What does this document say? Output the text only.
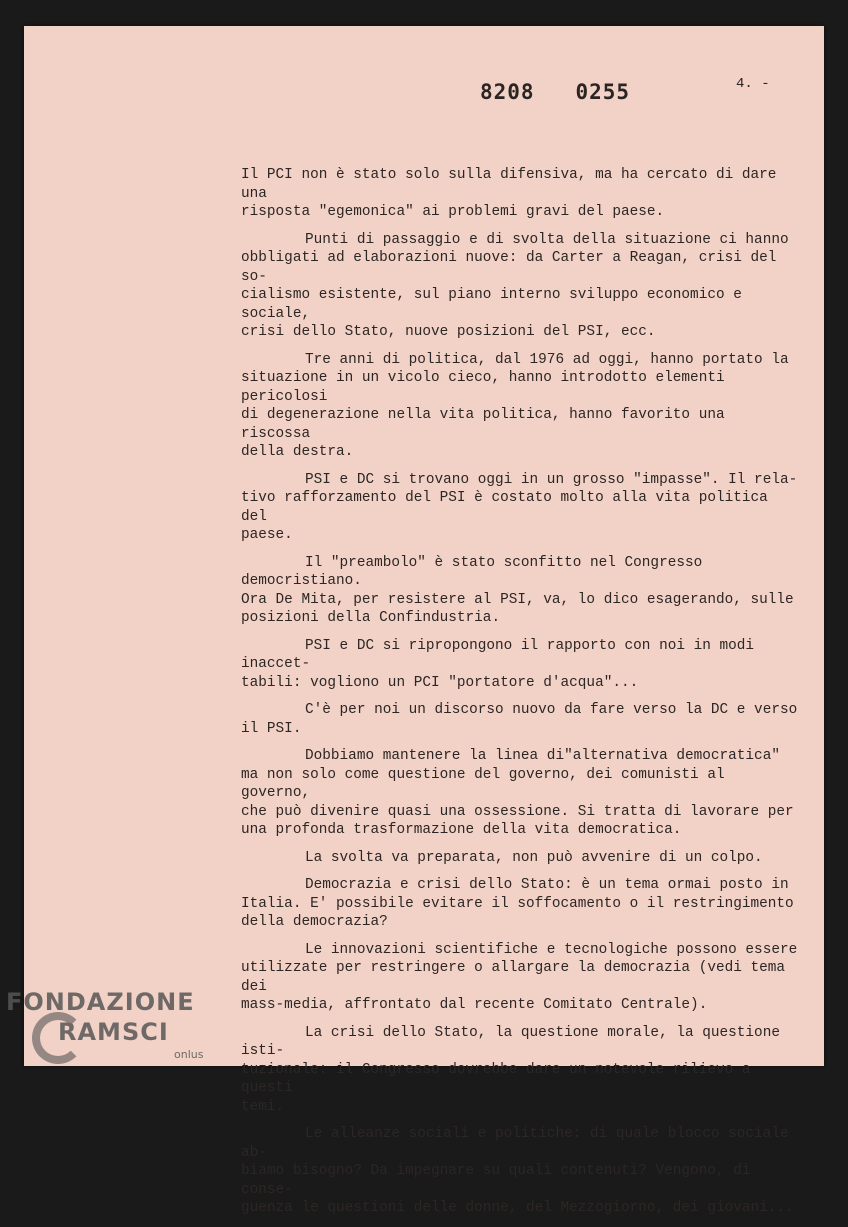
8208   0255	4. -

Il PCI non è stato solo sulla difensiva, ma ha cercato di dare una
risposta "egemonica" ai problemi gravi del paese.

Punti di passaggio e di svolta della situazione ci hanno
obbligati ad elaborazioni nuove: da Carter a Reagan, crisi del so-
cialismo esistente, sul piano interno sviluppo economico e sociale,
crisi dello Stato, nuove posizioni del PSI, ecc.

Tre anni di politica, dal 1976 ad oggi, hanno portato la
situazione in un vicolo cieco, hanno introdotto elementi pericolosi
di degenerazione nella vita politica, hanno favorito una riscossa
della destra.

PSI e DC si trovano oggi in un grosso "impasse". Il rela-
tivo rafforzamento del PSI è costato molto alla vita politica del
paese.

Il "preambolo" è stato sconfitto nel Congresso democristiano.
Ora De Mita, per resistere al PSI, va, lo dico esagerando, sulle
posizioni della Confindustria.

PSI e DC si ripropongono il rapporto con noi in modi inaccet-
tabili: vogliono un PCI "portatore d'acqua"...

C'è per noi un discorso nuovo da fare verso la DC e verso
il PSI.

Dobbiamo mantenere la linea di"alternativa democratica"
ma non solo come questione del governo, dei comunisti al governo,
che può divenire quasi una ossessione. Si tratta di lavorare per
una profonda trasformazione della vita democratica.

La svolta va preparata, non può avvenire di un colpo.

Democrazia e crisi dello Stato: è un tema ormai posto in
Italia. E' possibile evitare il soffocamento o il restringimento
della democrazia?

Le innovazioni scientifiche e tecnologiche possono essere
utilizzate per restringere o allargare la democrazia (vedi tema dei
mass-media, affrontato dal recente Comitato Centrale).

La crisi dello Stato, la questione morale, la questione isti-
tuzionale: il Congresso dovrebbe dare un notevole rilievo a questi
temi.

Le alleanze sociali e politiche: di quale blocco sociale ab-
biamo bisogno? Da impegnare su quali contenuti? Vengono, di conse-
guenza le questioni delle donne, del Mezzogiorno, dei giovani...

FONDAZIONE
RAMSCI
onlus
